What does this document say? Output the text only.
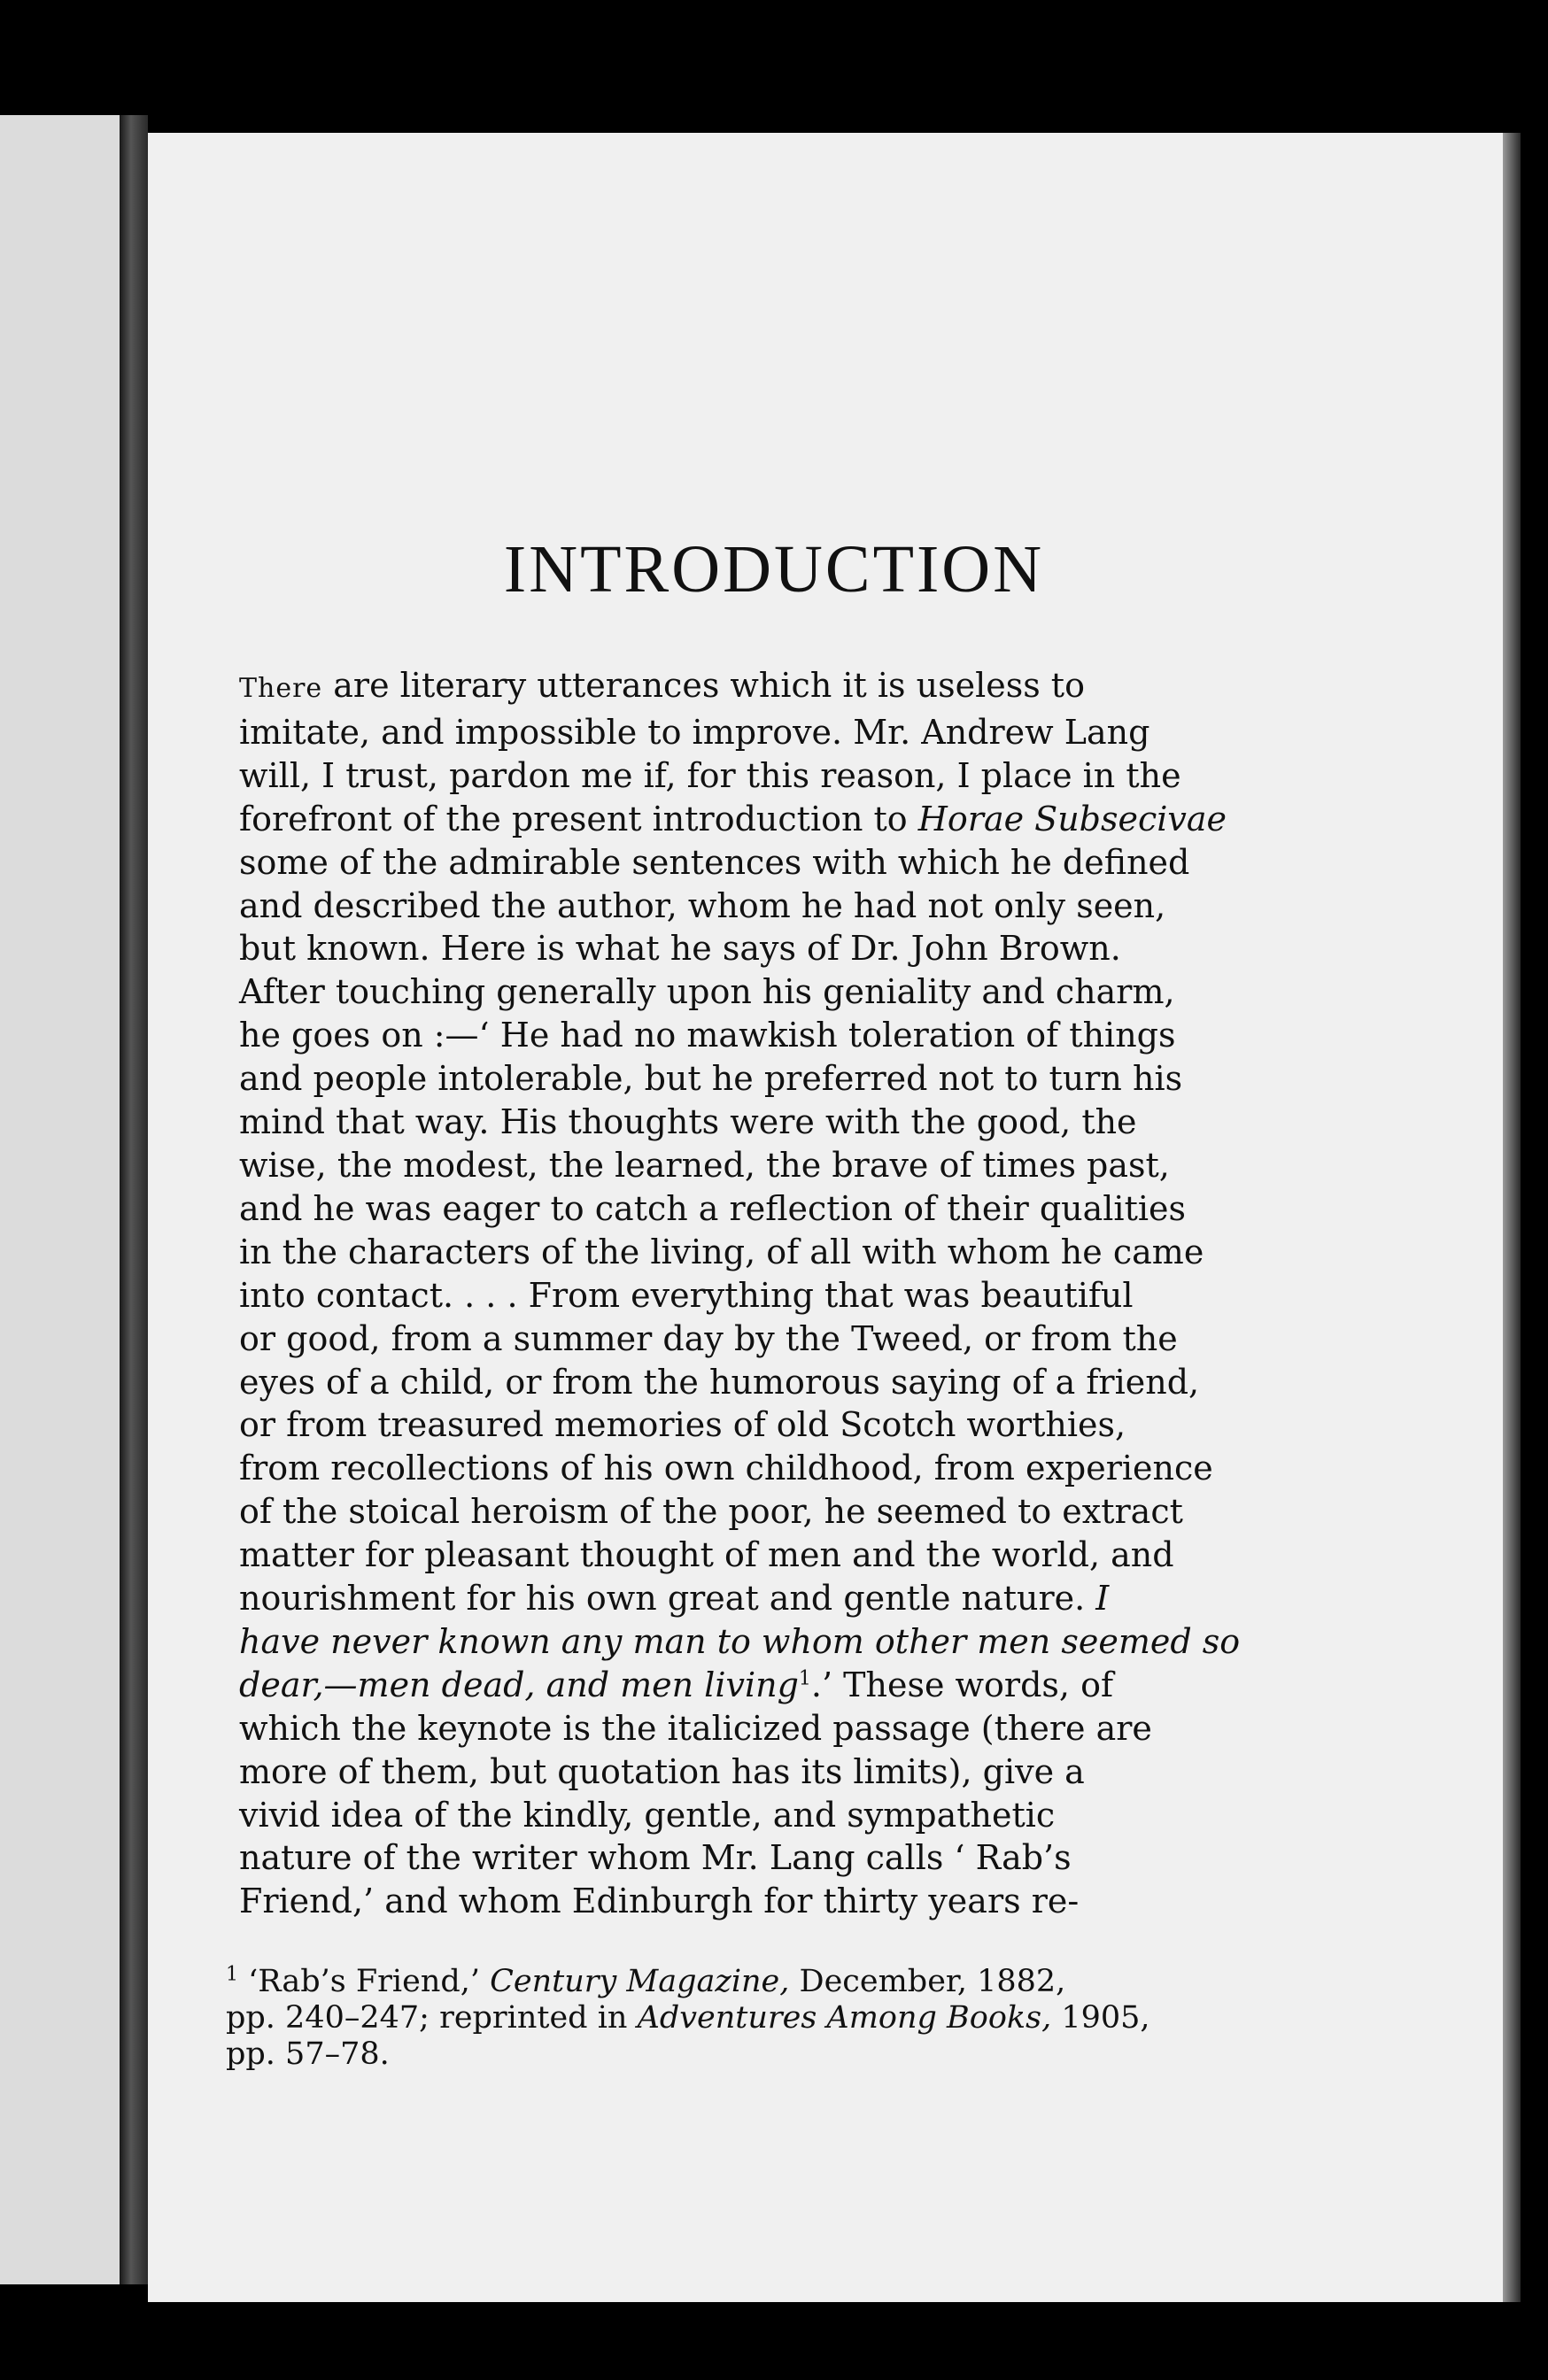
INTRODUCTION
There are literary utterances which it is useless to
imitate, and impossible to improve. Mr. Andrew Lang
will, I trust, pardon me if, for this reason, I place in the
forefront of the present introduction to Horae Subsecivae
some of the admirable sentences with which he defined
and described the author, whom he had not only seen,
but known. Here is what he says of Dr. John Brown.
After touching generally upon his geniality and charm,
he goes on :—‘ He had no mawkish toleration of things
and people intolerable, but he preferred not to turn his
mind that way. His thoughts were with the good, the
wise, the modest, the learned, the brave of times past,
and he was eager to catch a reflection of their qualities
in the characters of the living, of all with whom he came
into contact. . . . From everything that was beautiful
or good, from a summer day by the Tweed, or from the
eyes of a child, or from the humorous saying of a friend,
or from treasured memories of old Scotch worthies,
from recollections of his own childhood, from experience
of the stoical heroism of the poor, he seemed to extract
matter for pleasant thought of men and the world, and
nourishment for his own great and gentle nature. I
have never known any man to whom other men seemed so
dear,—men dead, and men living$^1$.’ These words, of
which the keynote is the italicized passage (there are
more of them, but quotation has its limits), give a
vivid idea of the kindly, gentle, and sympathetic
nature of the writer whom Mr. Lang calls ‘ Rab’s
Friend,’ and whom Edinburgh for thirty years re-
$^1$ ‘Rab’s Friend,’ Century Magazine, December, 1882,
pp. 240–247; reprinted in Adventures Among Books, 1905,
pp. 57–78.
